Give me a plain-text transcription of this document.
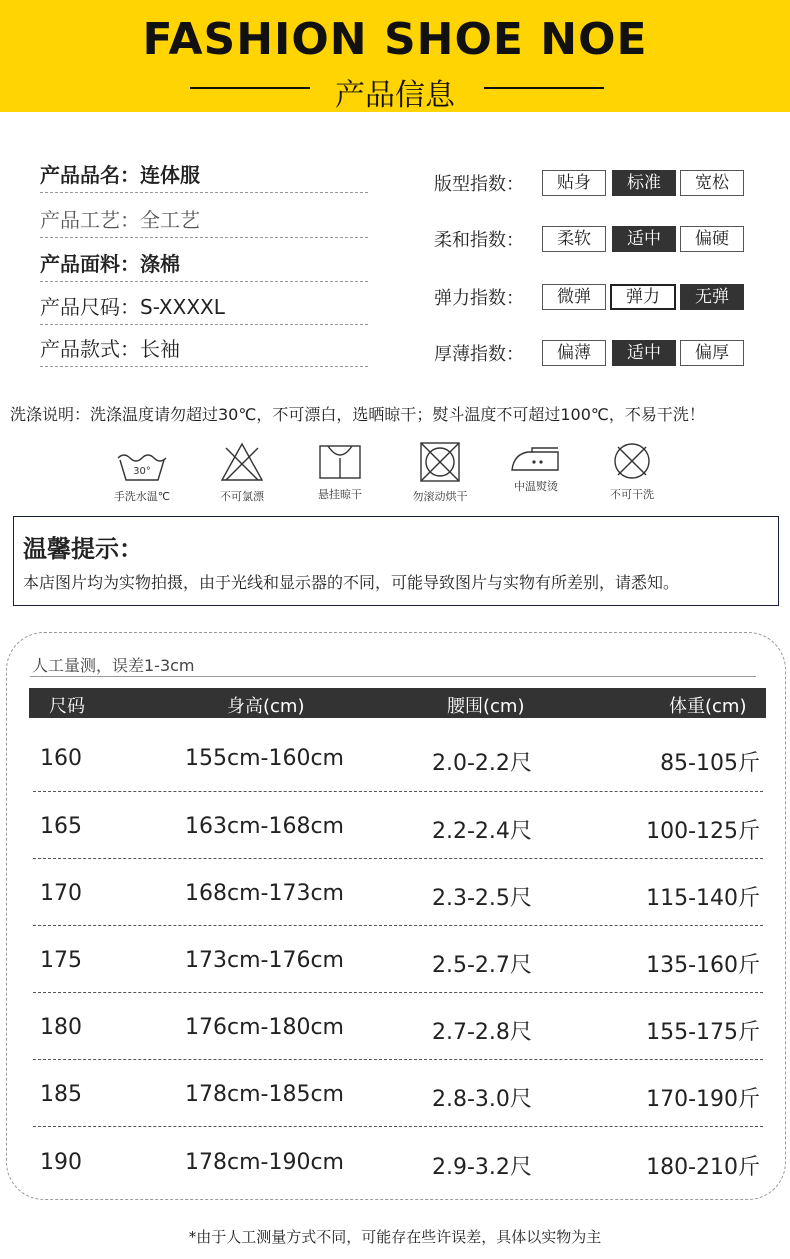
FASHION SHOE NOE
产品信息
产品品名：连体服
产品工艺：全工艺
产品面料：涤棉
产品尺码：S-XXXXL
产品款式：长袖
版型指数：	贴身	标准	宽松
柔和指数：	柔软	适中	偏硬
弹力指数：	微弹	弹力	无弹
厚薄指数：	偏薄	适中	偏厚
洗涤说明：洗涤温度请勿超过30℃，不可漂白，选晒晾干；熨斗温度不可超过100℃，不易干洗！
30°
手洗水温℃	不可氯漂	悬挂晾干	勿滚动烘干
中温熨烫
不可干洗
温馨提示：
本店图片均为实物拍摄，由于光线和显示器的不同，可能导致图片与实物有所差别，请悉知。
人工量测，误差1-3cm
尺码	身高(cm)	腰围(cm)	体重(cm)
160	155cm-160cm	2.0-2.2尺	85-105斤
165	163cm-168cm	2.2-2.4尺	100-125斤
170	168cm-173cm	2.3-2.5尺	115-140斤
175	173cm-176cm	2.5-2.7尺	135-160斤
180	176cm-180cm	2.7-2.8尺	155-175斤
185	178cm-185cm	2.8-3.0尺	170-190斤
190	178cm-190cm	2.9-3.2尺	180-210斤
*由于人工测量方式不同，可能存在些许误差，具体以实物为主
